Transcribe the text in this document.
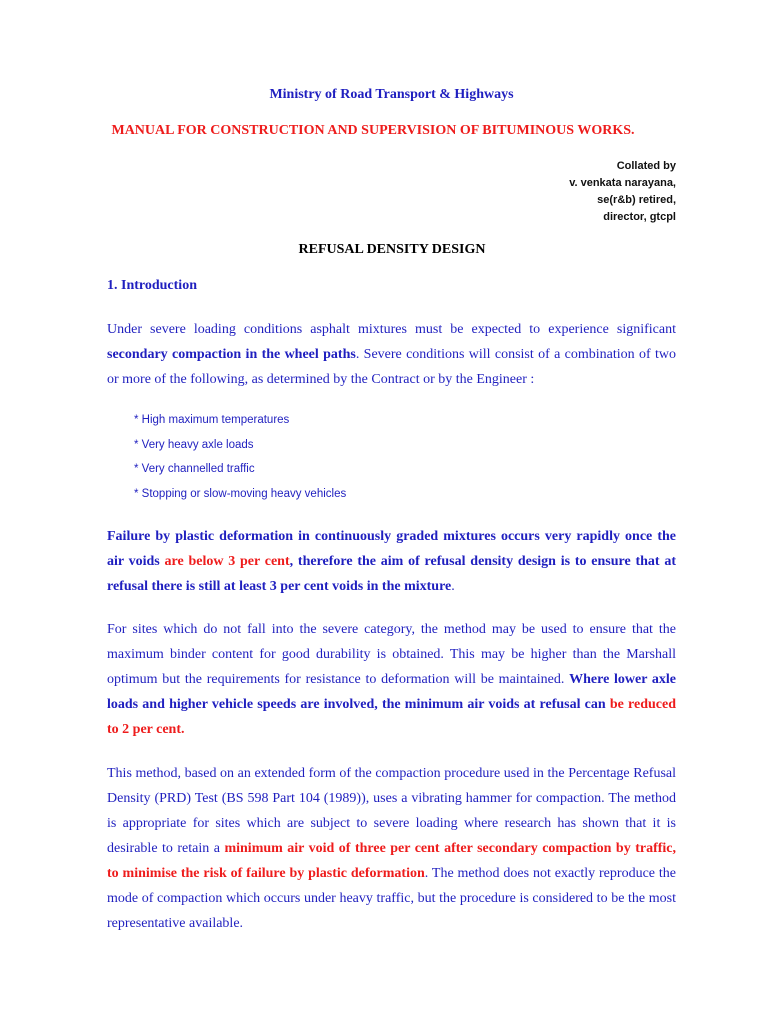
Ministry of Road Transport & Highways
MANUAL FOR CONSTRUCTION AND SUPERVISION OF BITUMINOUS WORKS.
Collated by
v. venkata narayana,
se(r&b) retired,
director, gtcpl
REFUSAL DENSITY DESIGN
1. Introduction
Under severe loading conditions asphalt mixtures must be expected to experience significant secondary compaction in the wheel paths. Severe conditions will consist of a combination of two or more of the following, as determined by the Contract or by the Engineer :
* High maximum temperatures
* Very heavy axle loads
* Very channelled traffic
* Stopping or slow-moving heavy vehicles
Failure by plastic deformation in continuously graded mixtures occurs very rapidly once the air voids are below 3 per cent, therefore the aim of refusal density design is to ensure that at refusal there is still at least 3 per cent voids in the mixture.
For sites which do not fall into the severe category, the method may be used to ensure that the maximum binder content for good durability is obtained. This may be higher than the Marshall optimum but the requirements for resistance to deformation will be maintained. Where lower axle loads and higher vehicle speeds are involved, the minimum air voids at refusal can be reduced to 2 per cent.
This method, based on an extended form of the compaction procedure used in the Percentage Refusal Density (PRD) Test (BS 598 Part 104 (1989)), uses a vibrating hammer for compaction. The method is appropriate for sites which are subject to severe loading where research has shown that it is desirable to retain a minimum air void of three per cent after secondary compaction by traffic, to minimise the risk of failure by plastic deformation. The method does not exactly reproduce the mode of compaction which occurs under heavy traffic, but the procedure is considered to be the most representative available.
